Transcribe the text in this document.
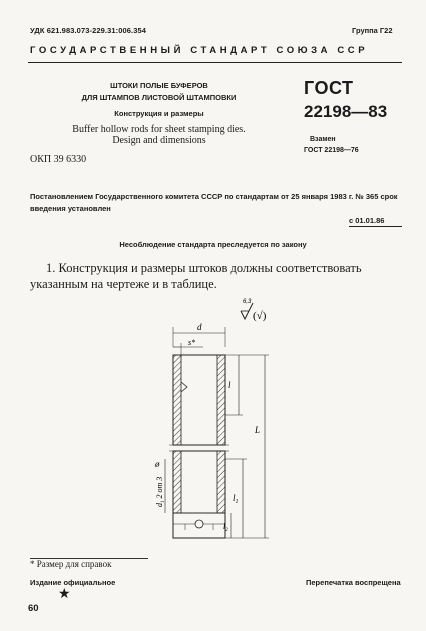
УДК 621.983.073-229.31:006.354	Группа Г22
ГОСУДАРСТВЕННЫЙ СТАНДАРТ СОЮЗА ССР
ШТОКИ ПОЛЫЕ БУФЕРОВ
ДЛЯ ШТАМПОВ ЛИСТОВОЙ ШТАМПОВКИ
Конструкция и размеры
Buffer hollow rods for sheet stamping dies.
Design and dimensions
ГОСТ
22198—83
Взамен
ГОСТ 22198—76
ОКП 39 6330
Постановлением Государственного комитета СССР по стандартам от 25 января 1983 г. № 365 срок введения установлен
с 01.01.86
Несоблюдение стандарта преследуется по закону
1. Конструкция и размеры штоков должны соответствовать указанным на чертеже и в таблице.
6,3
(√)
d
s*
l
L
$l_1$
$l_2$
$d_12$ от 3
ø
* Размер для справок
Издание официальное	Перепечатка воспрещена
★
60
